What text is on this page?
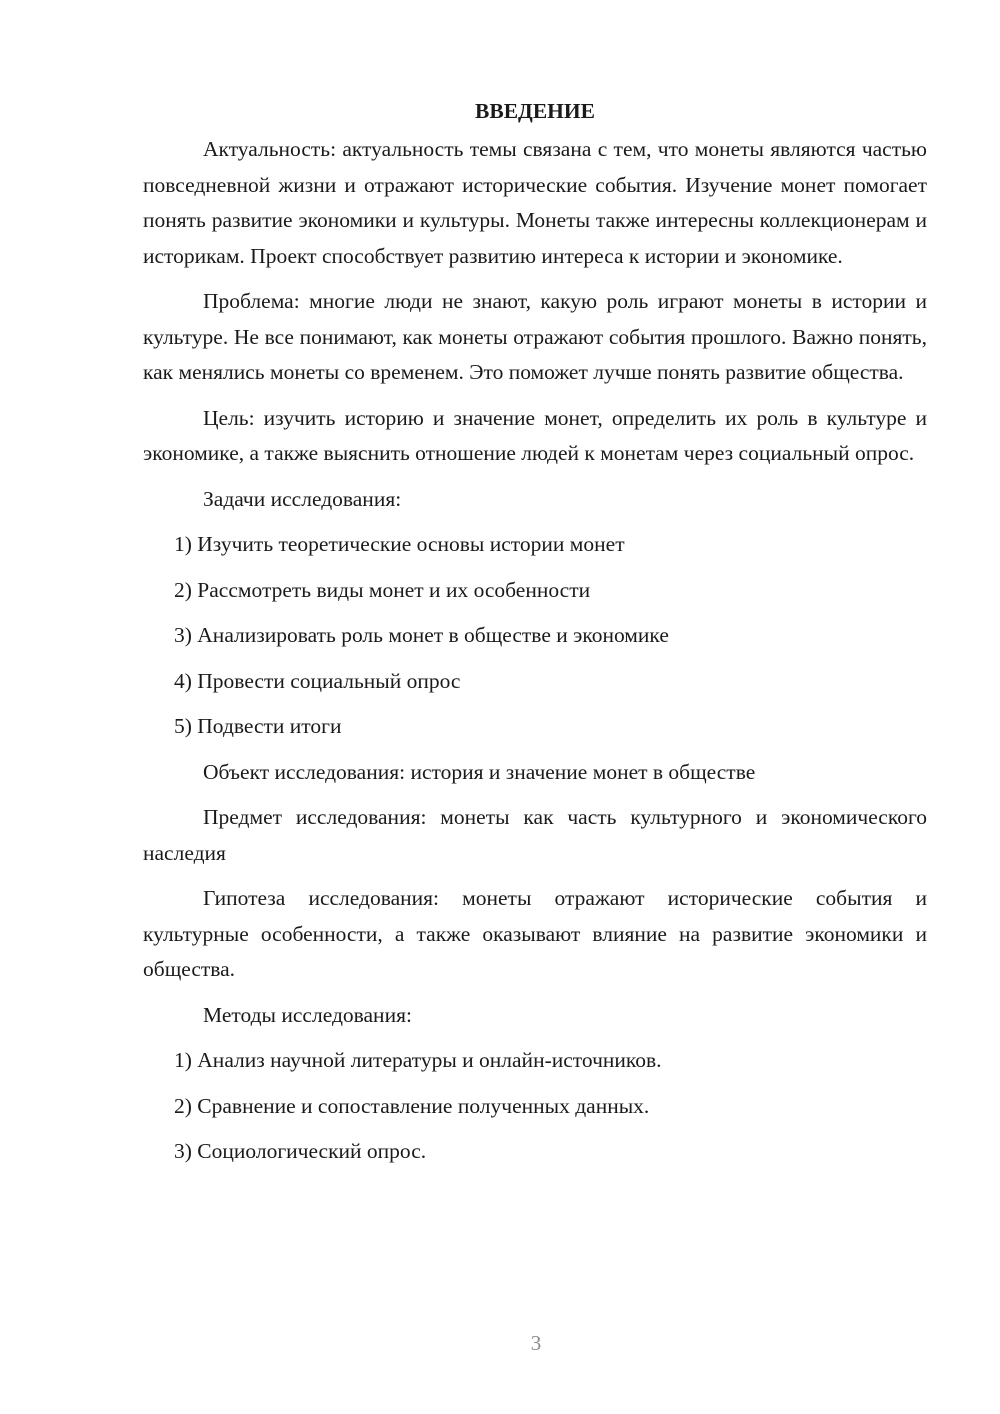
ВВЕДЕНИЕ

Актуальность: актуальность темы связана с тем, что монеты являются частью повседневной жизни и отражают исторические события. Изучение монет помогает понять развитие экономики и культуры. Монеты также интересны коллекционерам и историкам. Проект способствует развитию интереса к истории и экономике.

Проблема: многие люди не знают, какую роль играют монеты в истории и культуре. Не все понимают, как монеты отражают события прошлого. Важно понять, как менялись монеты со временем. Это поможет лучше понять развитие общества.

Цель: изучить историю и значение монет, определить их роль в культуре и экономике, а также выяснить отношение людей к монетам через социальный опрос.

Задачи исследования:

1) Изучить теоретические основы истории монет
2) Рассмотреть виды монет и их особенности
3) Анализировать роль монет в обществе и экономике
4) Провести социальный опрос
5) Подвести итоги

Объект исследования: история и значение монет в обществе

Предмет исследования: монеты как часть культурного и экономического наследия

Гипотеза исследования: монеты отражают исторические события и культурные особенности, а также оказывают влияние на развитие экономики и общества.

Методы исследования:

1) Анализ научной литературы и онлайн-источников.
2) Сравнение и сопоставление полученных данных.
3) Социологический опрос.
3
